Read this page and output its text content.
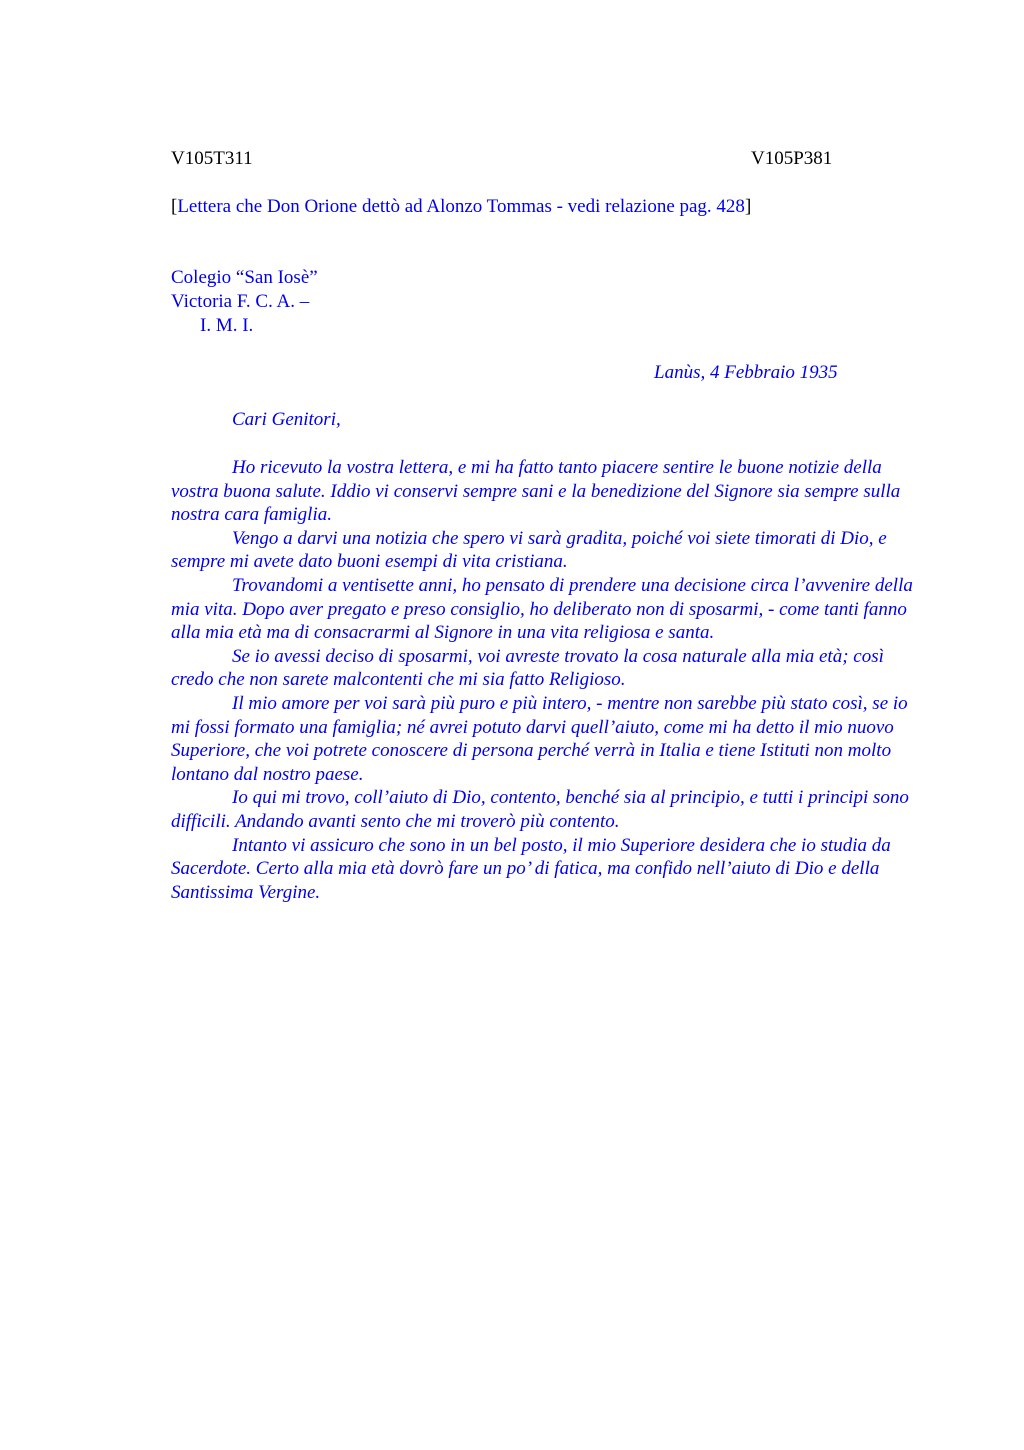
V105T311	V105P381
[Lettera che Don Orione dettò ad Alonzo Tommas - vedi relazione pag. 428]
Colegio “San Iosè”
Victoria F. C. A. –
I. M. I.
Lanùs, 4 Febbraio 1935
Cari Genitori,

Ho ricevuto la vostra lettera, e mi ha fatto tanto piacere sentire le buone notizie della vostra buona salute. Iddio vi conservi sempre sani e la benedizione del Signore sia sempre sulla nostra cara famiglia.

Vengo a darvi una notizia che spero vi sarà gradita, poiché voi siete timorati di Dio, e sempre mi avete dato buoni esempi di vita cristiana.

Trovandomi a ventisette anni, ho pensato di prendere una decisione circa l’avvenire della mia vita. Dopo aver pregato e preso consiglio, ho deliberato non di sposarmi, - come tanti fanno alla mia età ma di consacrarmi al Signore in una vita religiosa e santa.

Se io avessi deciso di sposarmi, voi avreste trovato la cosa naturale alla mia età; così credo che non sarete malcontenti che mi sia fatto Religioso.

Il mio amore per voi sarà più puro e più intero, - mentre non sarebbe più stato così, se io mi fossi formato una famiglia; né avrei potuto darvi quell’aiuto, come mi ha detto il mio nuovo Superiore, che voi potrete conoscere di persona perché verrà in Italia e tiene Istituti non molto lontano dal nostro paese.

Io qui mi trovo, coll’aiuto di Dio, contento, benché sia al principio, e tutti i principi sono difficili. Andando avanti sento che mi troverò più contento.

Intanto vi assicuro che sono in un bel posto, il mio Superiore desidera che io studia da Sacerdote. Certo alla mia età dovrò fare un po’ di fatica, ma confido nell’aiuto di Dio e della Santissima Vergine.
